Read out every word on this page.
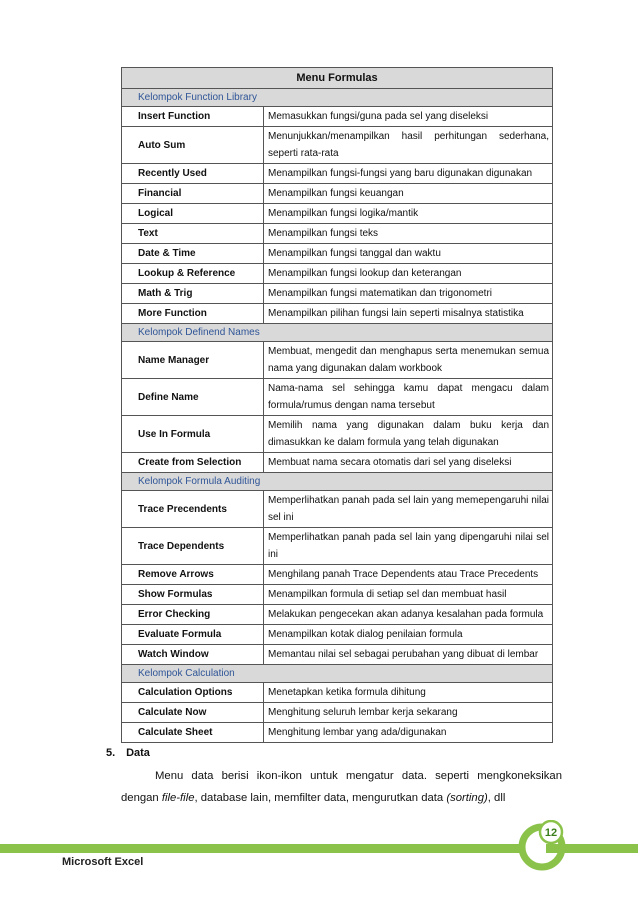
Menu Formulas	
Kelompok Function Library	
Insert Function	Memasukkan fungsi/guna pada sel yang diseleksi
Auto Sum	Menunjukkan/menampilkan hasil perhitungan sederhana, seperti rata-rata
Recently Used	Menampilkan fungsi-fungsi yang baru digunakan digunakan
Financial	Menampilkan fungsi keuangan
Logical	Menampilkan fungsi logika/mantik
Text	Menampilkan fungsi teks
Date & Time	Menampilkan fungsi tanggal dan waktu
Lookup & Reference	Menampilkan fungsi lookup dan keterangan
Math & Trig	Menampilkan fungsi matematikan dan trigonometri
More Function	Menampilkan pilihan fungsi lain seperti misalnya statistika
Kelompok Definend Names	
Name Manager	Membuat, mengedit dan menghapus serta menemukan semua nama yang digunakan dalam workbook
Define Name	Nama-nama sel sehingga kamu dapat mengacu dalam formula/rumus dengan nama tersebut
Use In Formula	Memilih nama yang digunakan dalam buku kerja dan dimasukkan ke dalam formula yang telah digunakan
Create from Selection	Membuat nama secara otomatis dari sel yang diseleksi
Kelompok Formula Auditing	
Trace Precendents	Memperlihatkan panah pada sel lain yang memepengaruhi nilai sel ini
Trace Dependents	Memperlihatkan panah pada sel lain yang dipengaruhi nilai sel ini
Remove Arrows	Menghilang panah Trace Dependents atau Trace Precedents
Show Formulas	Menampilkan formula di setiap sel dan membuat hasil
Error Checking	Melakukan pengecekan akan adanya kesalahan pada formula
Evaluate Formula	Menampilkan kotak dialog penilaian formula
Watch Window	Memantau nilai sel sebagai perubahan yang dibuat di lembar
Kelompok Calculation	
Calculation Options	Menetapkan ketika formula dihitung
Calculate Now	Menghitung seluruh lembar kerja sekarang
Calculate Sheet	Menghitung lembar yang ada/digunakan
5. Data
Menu data berisi ikon-ikon untuk mengatur data. seperti mengkoneksikan
dengan file-file, database lain, memfilter data, mengurutkan data (sorting), dll
12
Microsoft Excel
